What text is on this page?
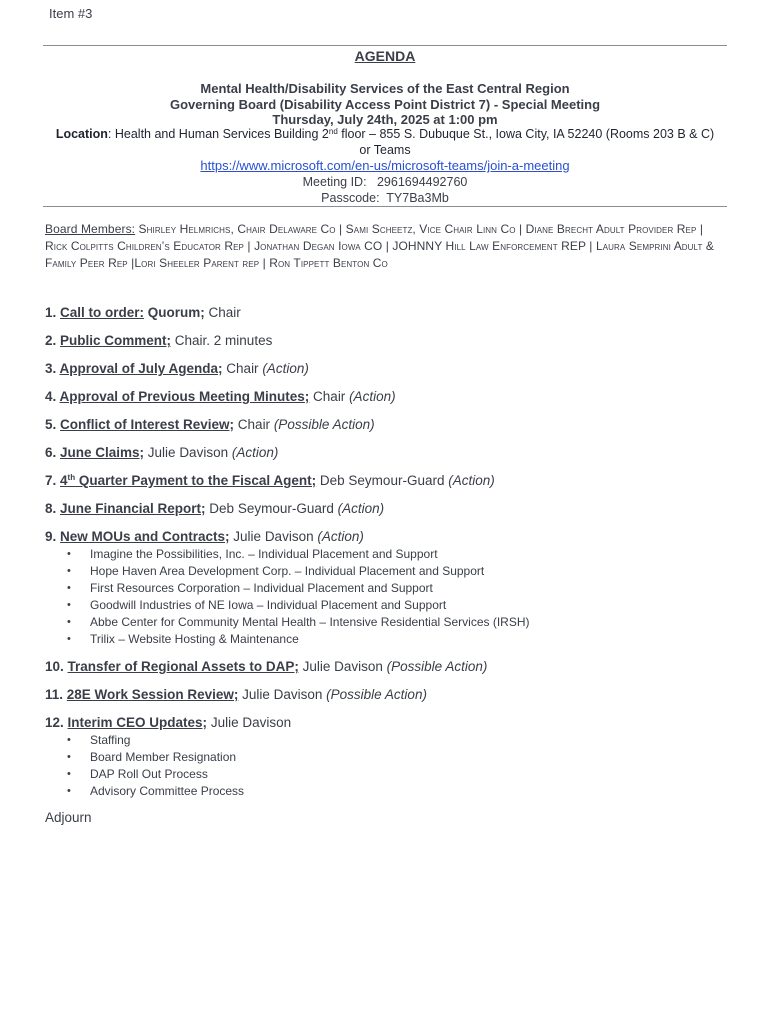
Item #3
AGENDA
Mental Health/Disability Services of the East Central Region
Governing Board (Disability Access Point District 7) - Special Meeting
Thursday, July 24th, 2025 at 1:00 pm
Location: Health and Human Services Building 2nd floor – 855 S. Dubuque St., Iowa City, IA 52240 (Rooms 203 B & C)
or Teams
https://www.microsoft.com/en-us/microsoft-teams/join-a-meeting
Meeting ID: 2961694492760
Passcode: TY7Ba3Mb
Board Members: Shirley Helmrichs, Chair Delaware Co | Sami Scheetz, Vice Chair Linn Co | Diane Brecht Adult Provider Rep | Rick Colpitts Children’s Educator Rep | Jonathan Degan Iowa CO | JOHNNY Hill Law Enforcement REP | Laura Semprini Adult & Family Peer Rep |Lori Sheeler Parent rep | Ron Tippett Benton Co
1. Call to order: Quorum; Chair
2. Public Comment; Chair. 2 minutes
3. Approval of July Agenda; Chair (Action)
4. Approval of Previous Meeting Minutes; Chair (Action)
5. Conflict of Interest Review; Chair (Possible Action)
6. June Claims; Julie Davison (Action)
7. 4th Quarter Payment to the Fiscal Agent; Deb Seymour-Guard (Action)
8. June Financial Report; Deb Seymour-Guard (Action)
9. New MOUs and Contracts; Julie Davison (Action)
• Imagine the Possibilities, Inc. – Individual Placement and Support
• Hope Haven Area Development Corp. – Individual Placement and Support
• First Resources Corporation – Individual Placement and Support
• Goodwill Industries of NE Iowa – Individual Placement and Support
• Abbe Center for Community Mental Health – Intensive Residential Services (IRSH)
• Trilix – Website Hosting & Maintenance
10. Transfer of Regional Assets to DAP; Julie Davison (Possible Action)
11. 28E Work Session Review; Julie Davison (Possible Action)
12. Interim CEO Updates; Julie Davison
• Staffing
• Board Member Resignation
• DAP Roll Out Process
• Advisory Committee Process
Adjourn
